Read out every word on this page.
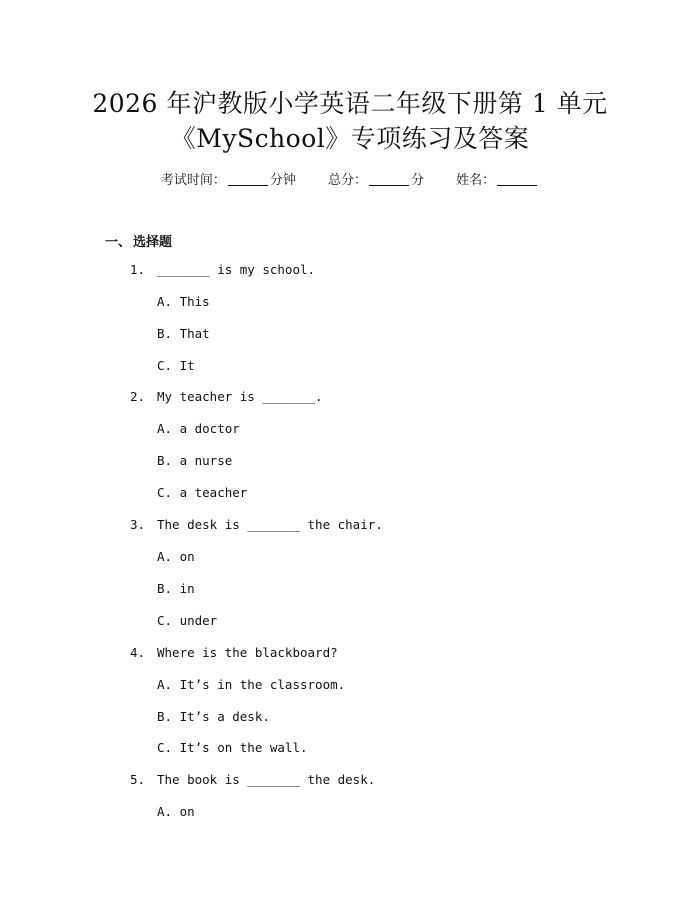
2026 年沪教版小学英语二年级下册第 1 单元
《MySchool》专项练习及答案
考试时间：	分钟 总分：	分 姓名：
一、 选择题
1. _______ is my school.
A. This
B. That
C. It
2. My teacher is _______.
A. a doctor
B. a nurse
C. a teacher
3. The desk is _______ the chair.
A. on
B. in
C. under
4. Where is the blackboard?
A. It’s in the classroom.
B. It’s a desk.
C. It’s on the wall.
5. The book is _______ the desk.
A. on
